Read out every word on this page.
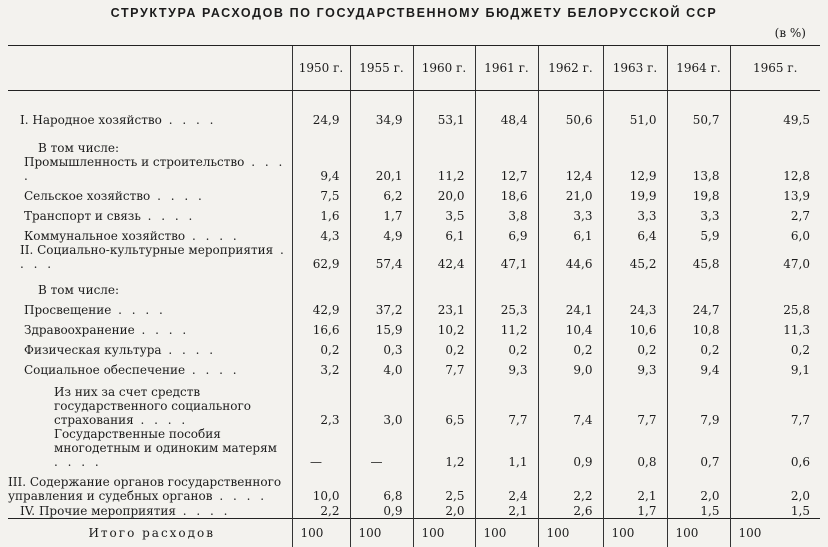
СТРУКТУРА РАСХОДОВ ПО ГОСУДАРСТВЕННОМУ БЮДЖЕТУ БЕЛОРУССКОЙ ССР
(в %)
	1950 г.	1955 г.	1960 г.	1961 г.	1962 г.	1963 г.	1964 г.	1965 г.
I. Народное хозяйство . . . .	24,9	34,9	53,1	48,4	50,6	51,0	50,7	49,5
В том числе:								
Промышленность и строительство . . . .	9,4	20,1	11,2	12,7	12,4	12,9	13,8	12,8
Сельское хозяйство . . . .	7,5	6,2	20,0	18,6	21,0	19,9	19,8	13,9
Транспорт и связь . . . .	1,6	1,7	3,5	3,8	3,3	3,3	3,3	2,7
Коммунальное хозяйство . . . .	4,3	4,9	6,1	6,9	6,1	6,4	5,9	6,0
II. Социально-культурные мероприятия . . . .	62,9	57,4	42,4	47,1	44,6	45,2	45,8	47,0
В том числе:								
Просвещение . . . .	42,9	37,2	23,1	25,3	24,1	24,3	24,7	25,8
Здравоохранение . . . .	16,6	15,9	10,2	11,2	10,4	10,6	10,8	11,3
Физическая культура . . . .	0,2	0,3	0,2	0,2	0,2	0,2	0,2	0,2
Социальное обеспечение . . . .	3,2	4,0	7,7	9,3	9,0	9,3	9,4	9,1
Из них за счет средств государственного социального страхования . . . .	2,3	3,0	6,5	7,7	7,4	7,7	7,9	7,7
Государственные пособия многодетным и одиноким матерям . . . .	—	—	1,2	1,1	0,9	0,8	0,7	0,6
III. Содержание органов государственного управления и судебных органов . . . .	10,0	6,8	2,5	2,4	2,2	2,1	2,0	2,0
IV. Прочие мероприятия . . . .	2,2	0,9	2,0	2,1	2,6	1,7	1,5	1,5
Итого расходов	100	100	100	100	100	100	100	100
